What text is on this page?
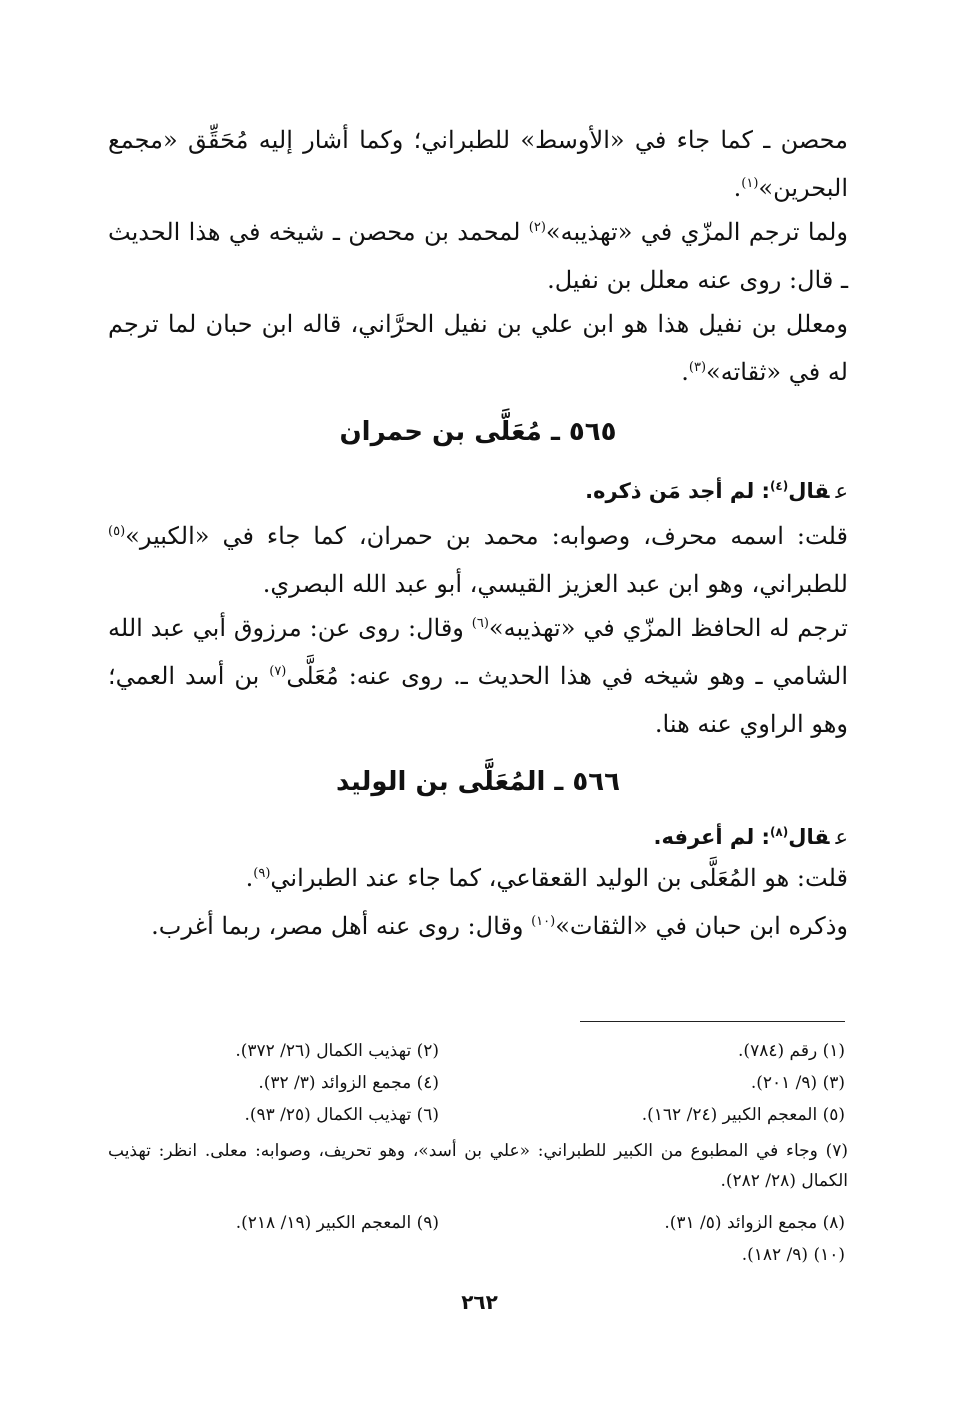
محصن ـ كما جاء في «الأوسط» للطبراني؛ وكما أشار إليه مُحَقِّق «مجمع البحرين»$^{(١)}$.

ولما ترجم المزّي في «تهذيبه»$^{(٢)}$ لمحمد بن محصن ـ شيخه في هذا الحديث ـ قال: روى عنه معلل بن نفيل.

ومعلل بن نفيل هذا هو ابن علي بن نفيل الحرَّاني، قاله ابن حبان لما ترجم له في «ثقاته»$^{(٣)}$.

٥٦٥ ـ مُعَلَّى بن حمران

عقال$^{(٤)}$: لم أجد مَن ذكره.

قلت: اسمه محرف، وصوابه: محمد بن حمران، كما جاء في «الكبير»$^{(٥)}$ للطبراني، وهو ابن عبد العزيز القيسي، أبو عبد الله البصري.

ترجم له الحافظ المزّي في «تهذيبه»$^{(٦)}$ وقال: روى عن: مرزوق أبي عبد الله الشامي ـ وهو شيخه في هذا الحديث ـ. روى عنه: مُعَلَّى$^{(٧)}$ بن أسد العمي؛ وهو الراوي عنه هنا.

٥٦٦ ـ المُعَلَّى بن الوليد

عقال$^{(٨)}$: لم أعرفه.

قلت: هو المُعَلَّى بن الوليد القعقاعي، كما جاء عند الطبراني$^{(٩)}$.

وذكره ابن حبان في «الثقات»$^{(١٠)}$ وقال: روى عنه أهل مصر، ربما أغرب.

(١) رقم (٧٨٤).
(٢) تهذيب الكمال (٢٦/ ٣٧٢).
(٣) (٩/ ٢٠١).
(٤) مجمع الزوائد (٣/ ٣٢).
(٥) المعجم الكبير (٢٤/ ١٦٢).
(٦) تهذيب الكمال (٢٥/ ٩٣).
(٧) وجاء في المطبوع من الكبير للطبراني: «علي بن أسد»، وهو تحريف، وصوابه: معلى. انظر: تهذيب الكمال (٢٨/ ٢٨٢).
(٨) مجمع الزوائد (٥/ ٣١).
(٩) المعجم الكبير (١٩/ ٢١٨).
(١٠) (٩/ ١٨٢).
٢٦٢
